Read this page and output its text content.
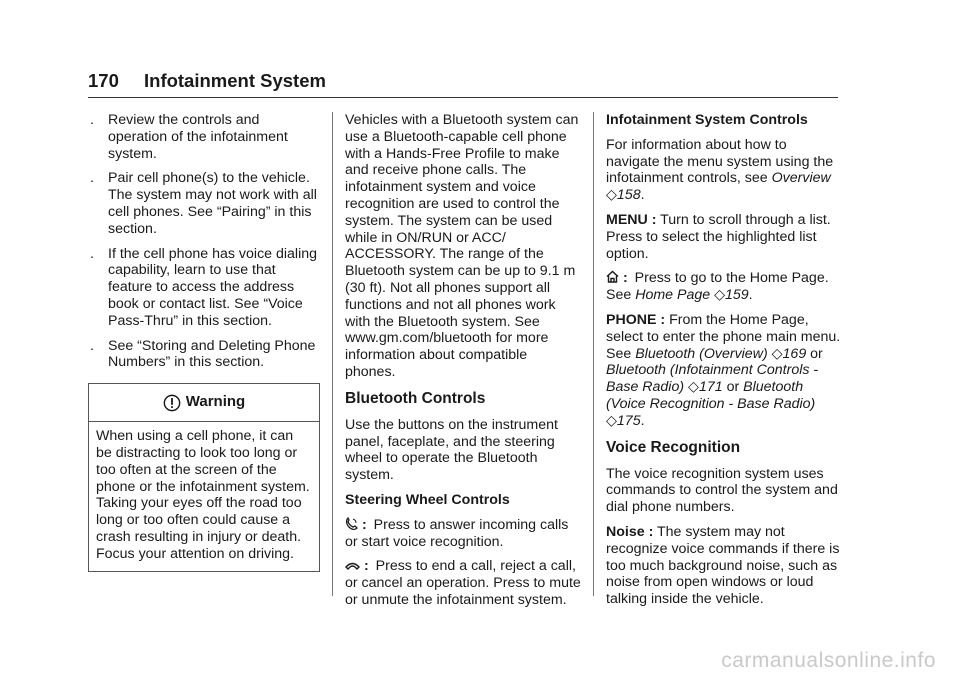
170 Infotainment System
. Review the controls and operation of the infotainment system.
. Pair cell phone(s) to the vehicle. The system may not work with all cell phones. See “Pairing” in this section.
. If the cell phone has voice dialing capability, learn to use that feature to access the address book or contact list. See “Voice Pass-Thru” in this section.
. See “Storing and Deleting Phone Numbers” in this section.
Warning
When using a cell phone, it can be distracting to look too long or too often at the screen of the phone or the infotainment system. Taking your eyes off the road too long or too often could cause a crash resulting in injury or death. Focus your attention on driving.

Vehicles with a Bluetooth system can use a Bluetooth-capable cell phone with a Hands-Free Profile to make and receive phone calls. The infotainment system and voice recognition are used to control the system. The system can be used while in ON/RUN or ACC/ ACCESSORY. The range of the Bluetooth system can be up to 9.1 m (30 ft). Not all phones support all functions and not all phones work with the Bluetooth system. See www.gm.com/bluetooth for more information about compatible phones.

Bluetooth Controls

Use the buttons on the instrument panel, faceplate, and the steering wheel to operate the Bluetooth system.

Steering Wheel Controls

: Press to answer incoming calls or start voice recognition.

: Press to end a call, reject a call, or cancel an operation. Press to mute or unmute the infotainment system.

Infotainment System Controls

For information about how to navigate the menu system using the infotainment controls, see Overview ◇158.

MENU : Turn to scroll through a list. Press to select the highlighted list option.

: Press to go to the Home Page. See Home Page ◇159.

PHONE : From the Home Page, select to enter the phone main menu. See Bluetooth (Overview) ◇169 or Bluetooth (Infotainment Controls - Base Radio) ◇171 or Bluetooth (Voice Recognition - Base Radio) ◇175.

Voice Recognition

The voice recognition system uses commands to control the system and dial phone numbers.

Noise : The system may not recognize voice commands if there is too much background noise, such as noise from open windows or loud talking inside the vehicle.

carmanualsonline.info
